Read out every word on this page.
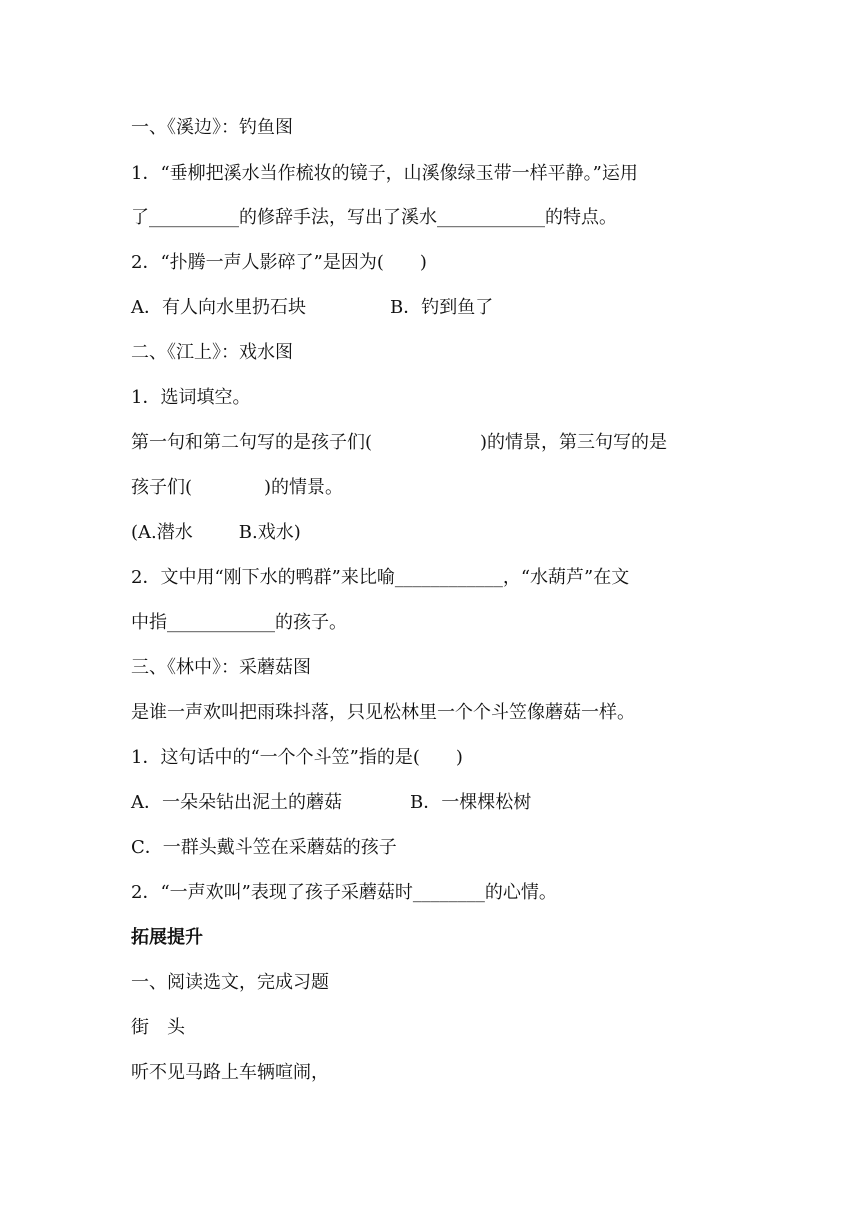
一、《溪边》：钓鱼图

1．“垂柳把溪水当作梳妆的镜子，山溪像绿玉带一样平静。”运用

了__________的修辞手法，写出了溪水____________的特点。

2．“扑腾一声人影碎了”是因为(　　)

A．有人向水里扔石块	B．钓到鱼了

二、《江上》：戏水图

1．选词填空。

第一句和第二句写的是孩子们(　　　　　　)的情景，第三句写的是

孩子们(　　　　)的情景。

(A.潜水	B.戏水)

2．文中用“刚下水的鸭群”来比喻____________，“水葫芦”在文

中指____________的孩子。

三、《林中》：采蘑菇图

是谁一声欢叫把雨珠抖落，只见松林里一个个斗笠像蘑菇一样。

1．这句话中的“一个个斗笠”指的是(　　)

A．一朵朵钻出泥土的蘑菇	B．一棵棵松树

C．一群头戴斗笠在采蘑菇的孩子

2．“一声欢叫”表现了孩子采蘑菇时________的心情。

拓展提升

一、阅读选文，完成习题

街　头

听不见马路上车辆喧闹，
